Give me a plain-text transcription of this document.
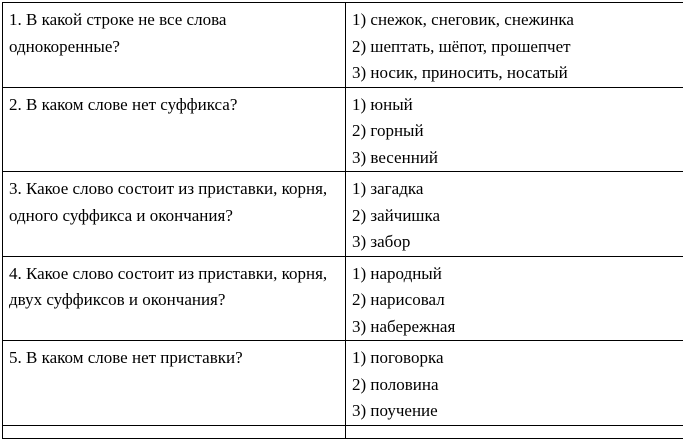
1. В какой строке не все слова однокоренные?	1) снежок, снеговик, снежинка
2) шептать, шёпот, прошепчет
3) носик, приносить, носатый

2. В каком слове нет суффикса?	1) юный
2) горный
3) весенний

3. Какое слово состоит из приставки, корня, одного суффикса и окончания?	1) загадка
2) зайчишка
3) забор

4. Какое слово состоит из приставки, корня, двух суффиксов и окончания?	1) народный
2) нарисовал
3) набережная

5. В каком слове нет приставки?	1) поговорка
2) половина
3) поучение
